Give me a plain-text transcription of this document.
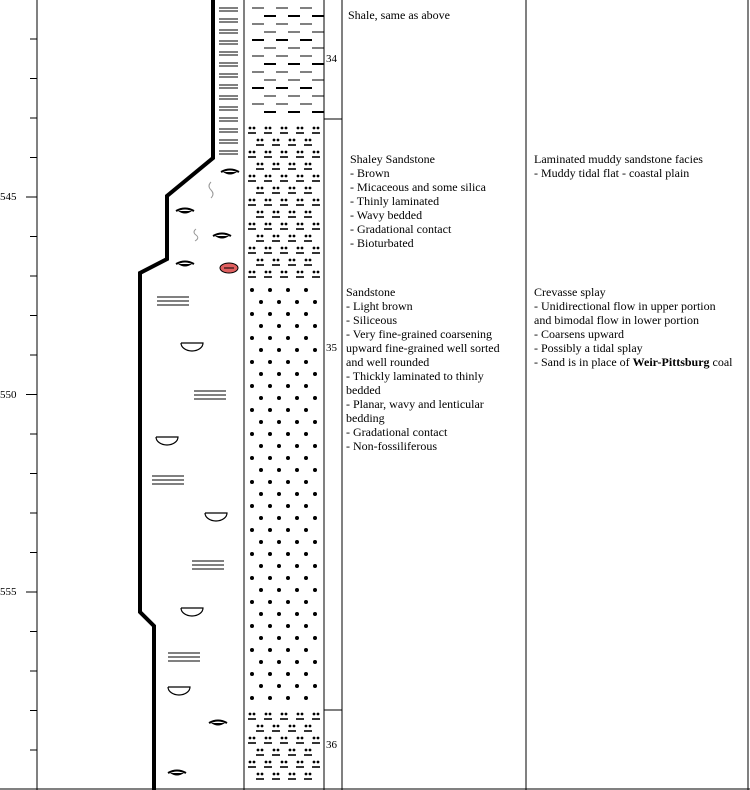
545
550
555
34
35
36
Shale, same as above
Shaley Sandstone
- Brown
- Micaceous and some silica
- Thinly laminated
- Wavy bedded
- Gradational contact
- Bioturbated
Sandstone
- Light brown
- Siliceous
- Very fine-grained coarsening
upward fine-grained well sorted
and well rounded
- Thickly laminated to thinly
bedded
- Planar, wavy and lenticular
bedding
- Gradational contact
- Non-fossiliferous
Laminated muddy sandstone facies
- Muddy tidal flat - coastal plain
Crevasse splay
- Unidirectional flow in upper portion
and bimodal flow in lower portion
- Coarsens upward
- Possibly a tidal splay
- Sand is in place of Weir-Pittsburg coal
